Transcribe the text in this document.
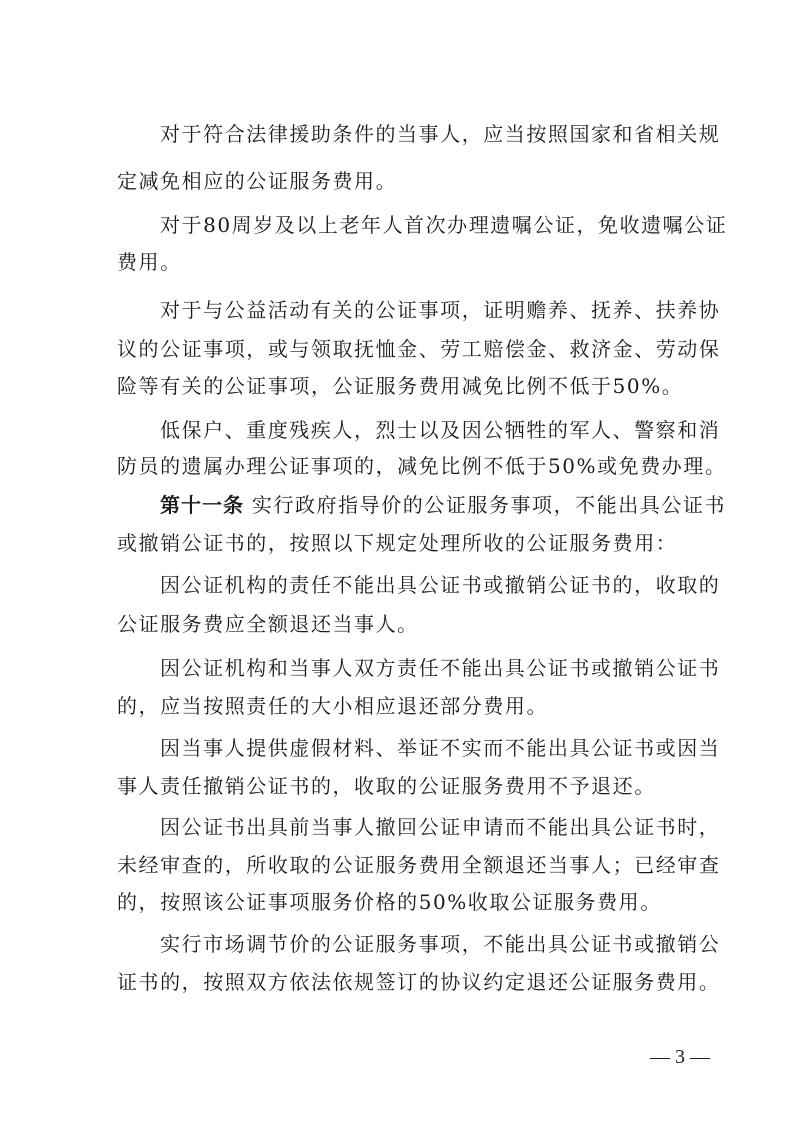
对于符合法律援助条件的当事人，应当按照国家和省相关规
定减免相应的公证服务费用。
对于80周岁及以上老年人首次办理遗嘱公证，免收遗嘱公证
费用。
对于与公益活动有关的公证事项，证明赡养、抚养、扶养协
议的公证事项，或与领取抚恤金、劳工赔偿金、救济金、劳动保
险等有关的公证事项，公证服务费用减免比例不低于50%。
低保户、重度残疾人，烈士以及因公牺牲的军人、警察和消
防员的遗属办理公证事项的，减免比例不低于50%或免费办理。
第十一条 实行政府指导价的公证服务事项，不能出具公证书
或撤销公证书的，按照以下规定处理所收的公证服务费用：
因公证机构的责任不能出具公证书或撤销公证书的，收取的
公证服务费应全额退还当事人。
因公证机构和当事人双方责任不能出具公证书或撤销公证书
的，应当按照责任的大小相应退还部分费用。
因当事人提供虚假材料、举证不实而不能出具公证书或因当
事人责任撤销公证书的，收取的公证服务费用不予退还。
因公证书出具前当事人撤回公证申请而不能出具公证书时，
未经审查的，所收取的公证服务费用全额退还当事人；已经审查
的，按照该公证事项服务价格的50%收取公证服务费用。
实行市场调节价的公证服务事项，不能出具公证书或撤销公
证书的，按照双方依法依规签订的协议约定退还公证服务费用。
— 3 —
